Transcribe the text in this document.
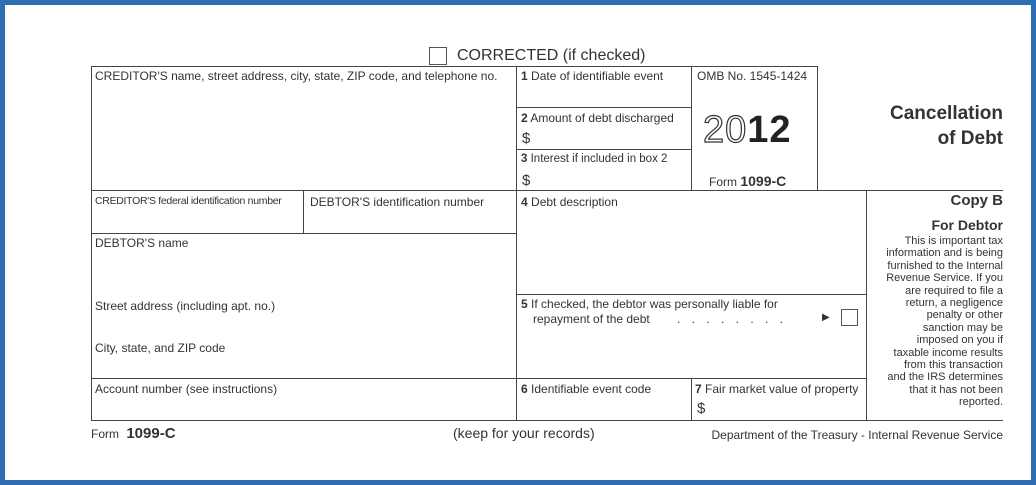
CORRECTED (if checked)
CREDITOR'S name, street address, city, state, ZIP code, and telephone no.
CREDITOR'S federal identification number DEBTOR'S identification number
DEBTOR'S name
Street address (including apt. no.)
City, state, and ZIP code
Account number (see instructions)
1 Date of identifiable event
2 Amount of debt discharged
$
3 Interest if included in box 2
$
OMB No. 1545-1424
2012
Form 1099-C
Cancellation
of Debt
4 Debt description
5 If checked, the debtor was personally liable for
repayment of the debt . . . . . . . .	▶
6 Identifiable event code	7 Fair market value of property
$
Copy B
For Debtor
This is important tax
information and is being
furnished to the Internal
Revenue Service. If you
are required to file a
return, a negligence
penalty or other
sanction may be
imposed on you if
taxable income results
from this transaction
and the IRS determines
that it has not been
reported.
Form 1099-C	(keep for your records)	Department of the Treasury - Internal Revenue Service
